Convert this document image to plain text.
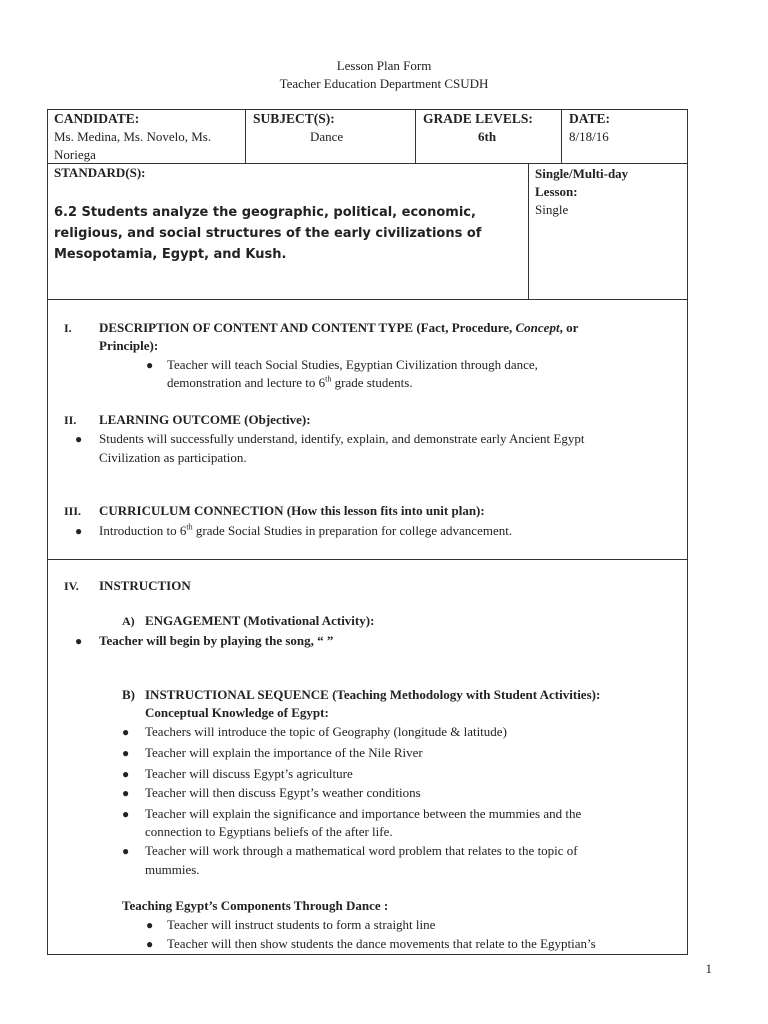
Lesson Plan Form
Teacher Education Department CSUDH
CANDIDATE:
Ms. Medina, Ms. Novelo, Ms.
Noriega
SUBJECT(S):
Dance
GRADE LEVELS:
6th
DATE:
8/18/16
STANDARD(S):
6.2 Students analyze the geographic, political, economic, religious, and social structures of the early civilizations of Mesopotamia, Egypt, and Kush.
Single/Multi-day
Lesson:
Single
I. DESCRIPTION OF CONTENT AND CONTENT TYPE (Fact, Procedure, Concept, or
Principle):
● Teacher will teach Social Studies, Egyptian Civilization through dance,
demonstration and lecture to 6th grade students.
II. LEARNING OUTCOME (Objective):
● Students will successfully understand, identify, explain, and demonstrate early Ancient Egypt
Civilization as participation.
III. CURRICULUM CONNECTION (How this lesson fits into unit plan):
● Introduction to 6th grade Social Studies in preparation for college advancement.
IV. INSTRUCTION
A) ENGAGEMENT (Motivational Activity):
● Teacher will begin by playing the song, “ ”
B) INSTRUCTIONAL SEQUENCE (Teaching Methodology with Student Activities):
Conceptual Knowledge of Egypt:
● Teachers will introduce the topic of Geography (longitude & latitude)
● Teacher will explain the importance of the Nile River
● Teacher will discuss Egypt’s agriculture
● Teacher will then discuss Egypt’s weather conditions
● Teacher will explain the significance and importance between the mummies and the
connection to Egyptians beliefs of the after life.
● Teacher will work through a mathematical word problem that relates to the topic of
mummies.
Teaching Egypt’s Components Through Dance :
● Teacher will instruct students to form a straight line
● Teacher will then show students the dance movements that relate to the Egyptian’s
1
